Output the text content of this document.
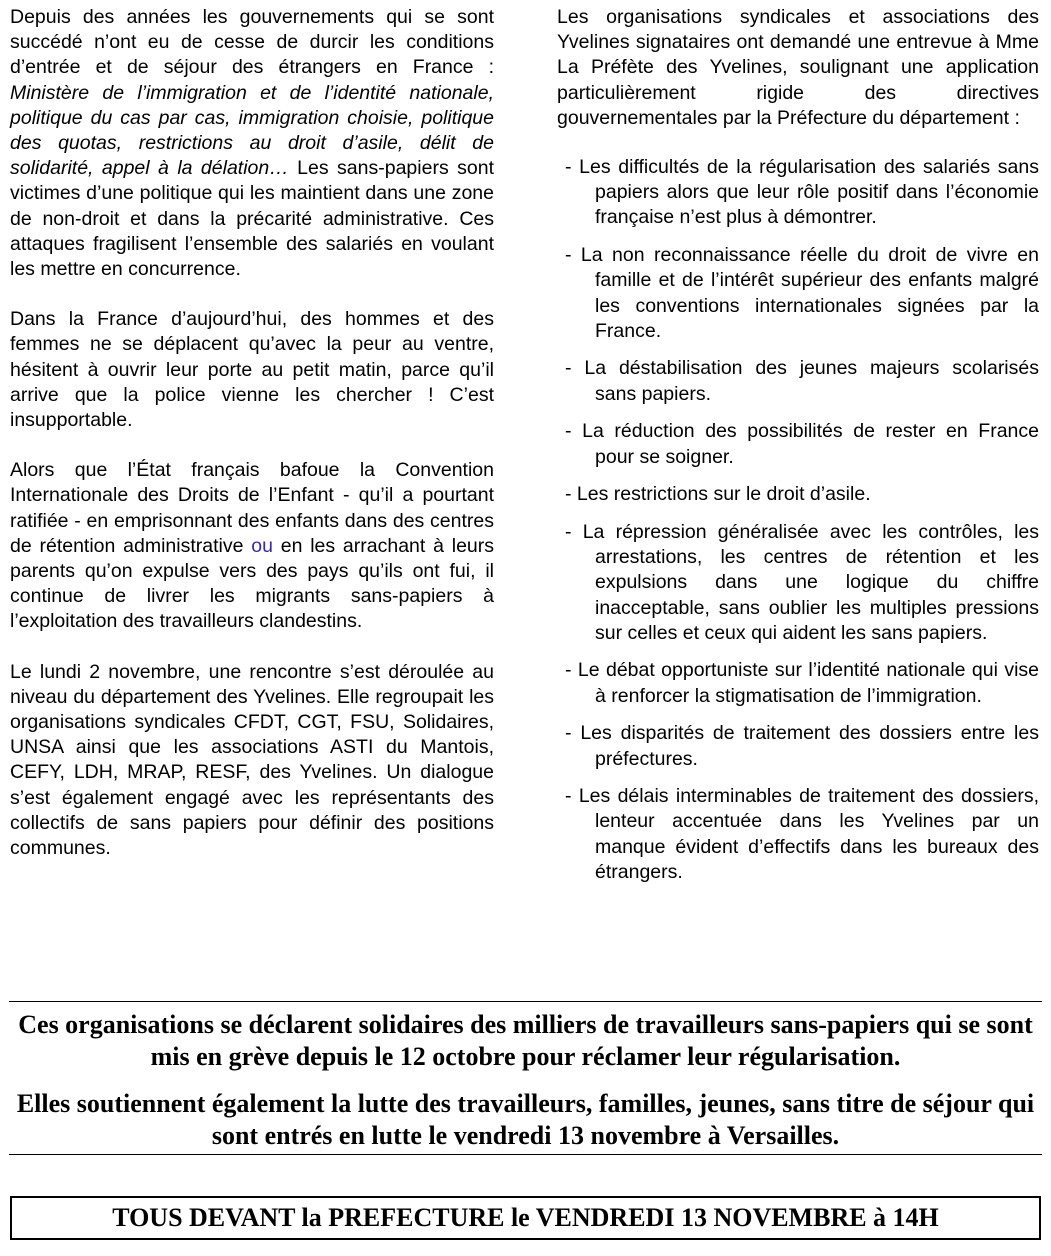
Depuis des années les gouvernements qui se sont succédé n’ont eu de cesse de durcir les conditions d’entrée et de séjour des étrangers en France : Ministère de l’immigration et de l’identité nationale, politique du cas par cas, immigration choisie, politique des quotas, restrictions au droit d’asile, délit de solidarité, appel à la délation… Les sans-papiers sont victimes d’une politique qui les maintient dans une zone de non-droit et dans la précarité administrative. Ces attaques fragilisent l’ensemble des salariés en voulant les mettre en concurrence.

Dans la France d’aujourd’hui, des hommes et des femmes ne se déplacent qu’avec la peur au ventre, hésitent à ouvrir leur porte au petit matin, parce qu’il arrive que la police vienne les chercher ! C’est insupportable.

Alors que l’État français bafoue la Convention Internationale des Droits de l’Enfant - qu’il a pourtant ratifiée - en emprisonnant des enfants dans des centres de rétention administrative ou en les arrachant à leurs parents qu’on expulse vers des pays qu’ils ont fui, il continue de livrer les migrants sans-papiers à l’exploitation des travailleurs clandestins.

Le lundi 2 novembre, une rencontre s’est déroulée au niveau du département des Yvelines. Elle regroupait les organisations syndicales CFDT, CGT, FSU, Solidaires, UNSA ainsi que les associations ASTI du Mantois, CEFY, LDH, MRAP, RESF, des Yvelines. Un dialogue s’est également engagé avec les représentants des collectifs de sans papiers pour définir des positions communes.

Les organisations syndicales et associations des Yvelines signataires ont demandé une entrevue à Mme La Préfète des Yvelines, soulignant une application particulièrement rigide des directives gouvernementales par la Préfecture du département :

- Les difficultés de la régularisation des salariés sans papiers alors que leur rôle positif dans l’économie française n’est plus à démontrer.

- La non reconnaissance réelle du droit de vivre en famille et de l’intérêt supérieur des enfants malgré les conventions internationales signées par la France.

- La déstabilisation des jeunes majeurs scolarisés sans papiers.

- La réduction des possibilités de rester en France pour se soigner.

- Les restrictions sur le droit d’asile.

- La répression généralisée avec les contrôles, les arrestations, les centres de rétention et les expulsions dans une logique du chiffre inacceptable, sans oublier les multiples pressions sur celles et ceux qui aident les sans papiers.

- Le débat opportuniste sur l’identité nationale qui vise à renforcer la stigmatisation de l’immigration.

- Les disparités de traitement des dossiers entre les préfectures.

- Les délais interminables de traitement des dossiers, lenteur accentuée dans les Yvelines par un manque évident d’effectifs dans les bureaux des étrangers.

Ces organisations se déclarent solidaires des milliers de travailleurs sans-papiers qui se sont mis en grève depuis le 12 octobre pour réclamer leur régularisation.

Elles soutiennent également la lutte des travailleurs, familles, jeunes, sans titre de séjour qui sont entrés en lutte le vendredi 13 novembre à Versailles.

TOUS DEVANT la PREFECTURE le VENDREDI 13 NOVEMBRE à 14H
